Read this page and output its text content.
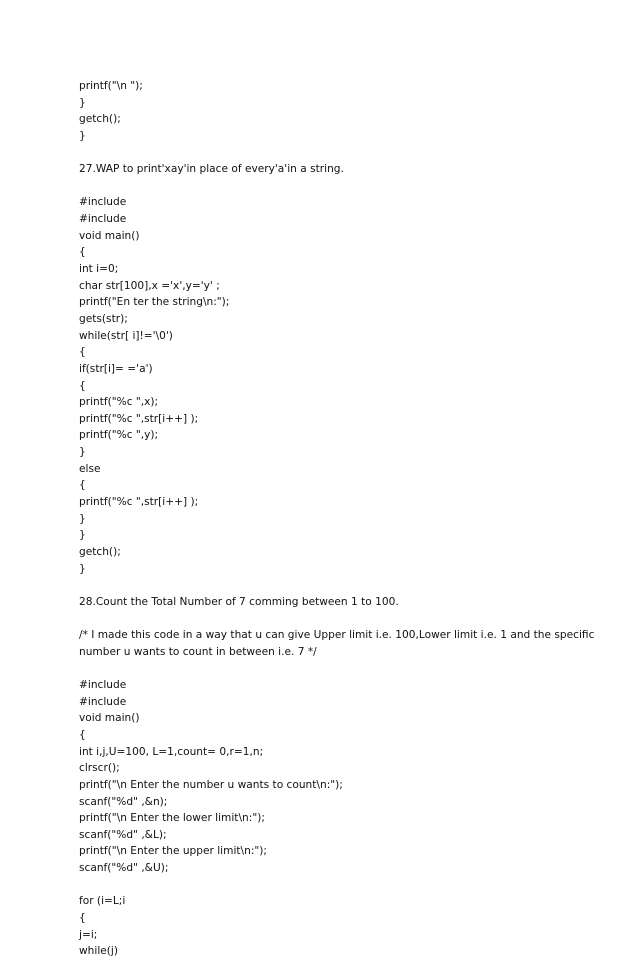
printf("\n ");
}
getch();
}
27.WAP to print'xay'in place of every'a'in a string.
#include
#include
void main()
{
int i=0;
char str[100],x ='x',y='y' ;
printf("En ter the string\n:");
gets(str);
while(str[ i]!='\0')
{
if(str[i]= ='a')
{
printf("%c ",x);
printf("%c ",str[i++] );
printf("%c ",y);
}
else
{
printf("%c ",str[i++] );
}
}
getch();
}
28.Count the Total Number of 7 comming between 1 to 100.
/* I made this code in a way that u can give Upper limit i.e. 100,Lower limit i.e. 1 and the specific
number u wants to count in between i.e. 7 */
#include
#include
void main()
{
int i,j,U=100, L=1,count= 0,r=1,n;
clrscr();
printf("\n Enter the number u wants to count\n:");
scanf("%d" ,&n);
printf("\n Enter the lower limit\n:");
scanf("%d" ,&L);
printf("\n Enter the upper limit\n:");
scanf("%d" ,&U);
for (i=L;i
{
j=i;
while(j)
